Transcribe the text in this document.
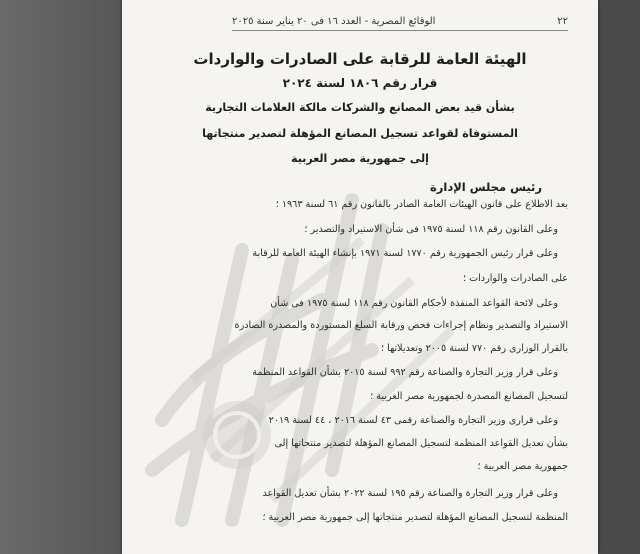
٢٢
الوقائع المصرية - العدد ١٦ فى ٢٠ يناير سنة ٢٠٢٥
الهيئة العامة للرقابة على الصادرات والواردات
قرار رقم ١٨٠٦ لسنة ٢٠٢٤
بشأن قيد بعض المصانع والشركات مالكة العلامات التجارية
المستوفاة لقواعد تسجيل المصانع المؤهلة لتصدير منتجاتها
إلى جمهورية مصر العربية
رئيس مجلس الإدارة
بعد الاطلاع على قانون الهيئات العامة الصادر بالقانون رقم ٦١ لسنة ١٩٦٣ ؛
وعلى القانون رقم ١١٨ لسنة ١٩٧٥ فى شأن الاستيراد والتصدير ؛
وعلى قرار رئيس الجمهورية رقم ١٧٧٠ لسنة ١٩٧١ بإنشاء الهيئة العامة للرقابة
على الصادرات والواردات ؛
وعلى لائحة القواعد المنفذة لأحكام القانون رقم ١١٨ لسنة ١٩٧٥ فى شأن
الاستيراد والتصدير ونظام إجراءات فحص ورقابة السلع المستوردة والمصدرة الصادرة
بالقرار الوزارى رقم ٧٧٠ لسنة ٢٠٠٥ وتعديلاتها ؛
وعلى قرار وزير التجارة والصناعة رقم ٩٩٢ لسنة ٢٠١٥ بشأن القواعد المنظمة
لتسجيل المصانع المصدرة لجمهورية مصر العربية ؛
وعلى قرارى وزير التجارة والصناعة رقمى ٤٣ لسنة ٢٠١٦ ، ٤٤ لسنة ٢٠١٩
بشأن تعديل القواعد المنظمة لتسجيل المصانع المؤهلة لتصدير منتجاتها إلى
جمهورية مصر العربية ؛
وعلى قرار وزير التجارة والصناعة رقم ١٩٥ لسنة ٢٠٢٢ بشأن تعديل القواعد
المنظمة لتسجيل المصانع المؤهلة لتصدير منتجاتها إلى جمهورية مصر العربية ؛
